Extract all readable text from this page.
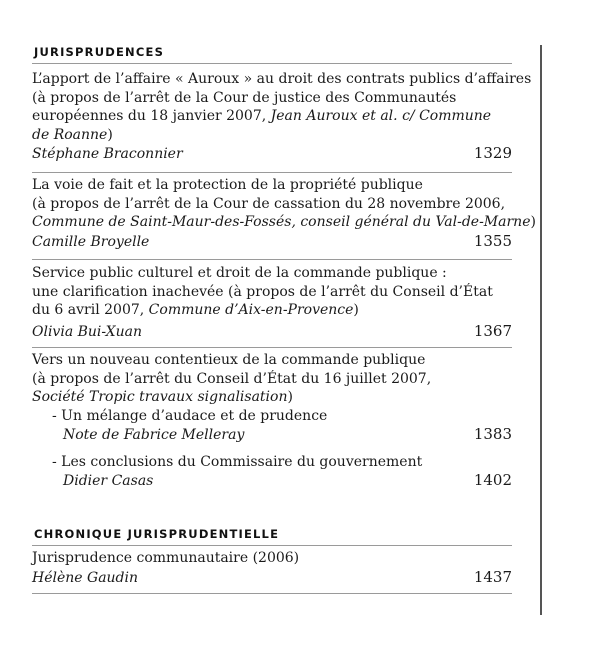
JURISPRUDENCES
L’apport de l’affaire « Auroux » au droit des contrats publics d’affaires
(à propos de l’arrêt de la Cour de justice des Communautés
européennes du 18 janvier 2007, Jean Auroux et al. c/ Commune
de Roanne)
Stéphane Braconnier	1329
La voie de fait et la protection de la propriété publique
(à propos de l’arrêt de la Cour de cassation du 28 novembre 2006,
Commune de Saint-Maur-des-Fossés, conseil général du Val-de-Marne)
Camille Broyelle	1355
Service public culturel et droit de la commande publique :
une clarification inachevée (à propos de l’arrêt du Conseil d’État
du 6 avril 2007, Commune d’Aix-en-Provence)
Olivia Bui-Xuan	1367
Vers un nouveau contentieux de la commande publique
(à propos de l’arrêt du Conseil d’État du 16 juillet 2007,
Société Tropic travaux signalisation)
- Un mélange d’audace et de prudence
Note de Fabrice Melleray	1383
- Les conclusions du Commissaire du gouvernement
Didier Casas	1402
CHRONIQUE JURISPRUDENTIELLE
Jurisprudence communautaire (2006)
Hélène Gaudin	1437
